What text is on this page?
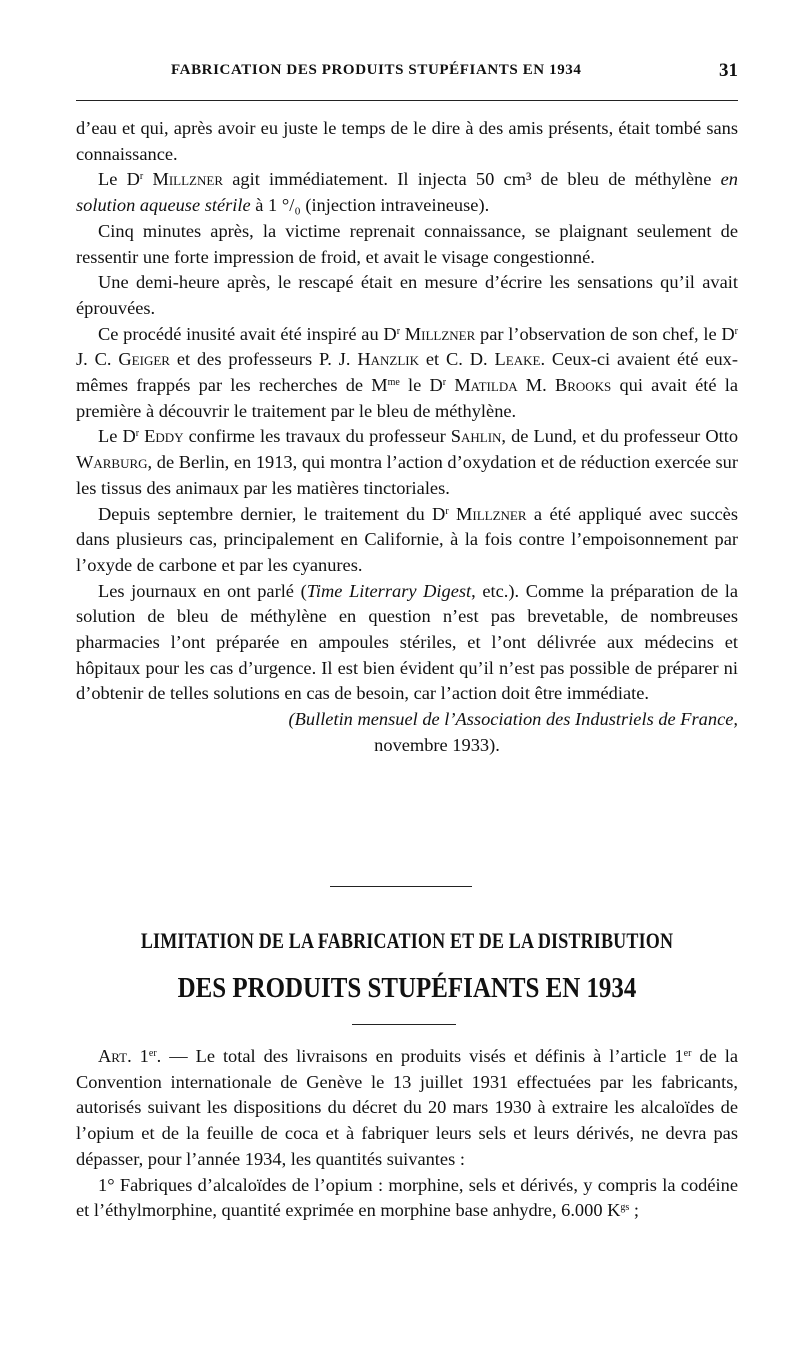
FABRICATION DES PRODUITS STUPÉFIANTS EN 1934	31

d’eau et qui, après avoir eu juste le temps de le dire à des amis présents, était tombé sans connaissance.

Le $D^r$ Millzner agit immédiatement. Il injecta 50 cm³ de bleu de méthylène en solution aqueuse stérile à 1 °/₀ (injection intraveineuse).

Cinq minutes après, la victime reprenait connaissance, se plaignant seulement de ressentir une forte impression de froid, et avait le visage congestionné.

Une demi-heure après, le rescapé était en mesure d’écrire les sensations qu’il avait éprouvées.

Ce procédé inusité avait été inspiré au $D^r$ Millzner par l’observation de son chef, le $D^r$ J. C. Geiger et des professeurs P. J. Hanzlik et C. D. Leake. Ceux-ci avaient été eux-mêmes frappés par les recherches de $M^{me}$ le $D^r$ Matilda M. Brooks qui avait été la première à découvrir le traitement par le bleu de méthylène.

Le $D^r$ Eddy confirme les travaux du professeur Sahlin, de Lund, et du professeur Otto Warburg, de Berlin, en 1913, qui montra l’action d’oxydation et de réduction exercée sur les tissus des animaux par les matières tinctoriales.

Depuis septembre dernier, le traitement du $D^r$ Millzner a été appliqué avec succès dans plusieurs cas, principalement en Californie, à la fois contre l’empoisonnement par l’oxyde de carbone et par les cyanures.

Les journaux en ont parlé (Time Literrary Digest, etc.). Comme la préparation de la solution de bleu de méthylène en question n’est pas brevetable, de nombreuses pharmacies l’ont préparée en ampoules stériles, et l’ont délivrée aux médecins et hôpitaux pour les cas d’urgence. Il est bien évident qu’il n’est pas possible de préparer ni d’obtenir de telles solutions en cas de besoin, car l’action doit être immédiate.

(Bulletin mensuel de l’Association des Industriels de France,
novembre 1933).

LIMITATION DE LA FABRICATION ET DE LA DISTRIBUTION
DES PRODUITS STUPÉFIANTS EN 1934

Art. 1er. — Le total des livraisons en produits visés et définis à l’article 1er de la Convention internationale de Genève le 13 juillet 1931 effectuées par les fabricants, autorisés suivant les dispositions du décret du 20 mars 1930 à extraire les alcaloïdes de l’opium et de la feuille de coca et à fabriquer leurs sels et leurs dérivés, ne devra pas dépasser, pour l’année 1934, les quantités suivantes :

1° Fabriques d’alcaloïdes de l’opium : morphine, sels et dérivés, y compris la codéine et l’éthylmorphine, quantité exprimée en morphine base anhydre, 6.000 $K^{gs}$ ;
